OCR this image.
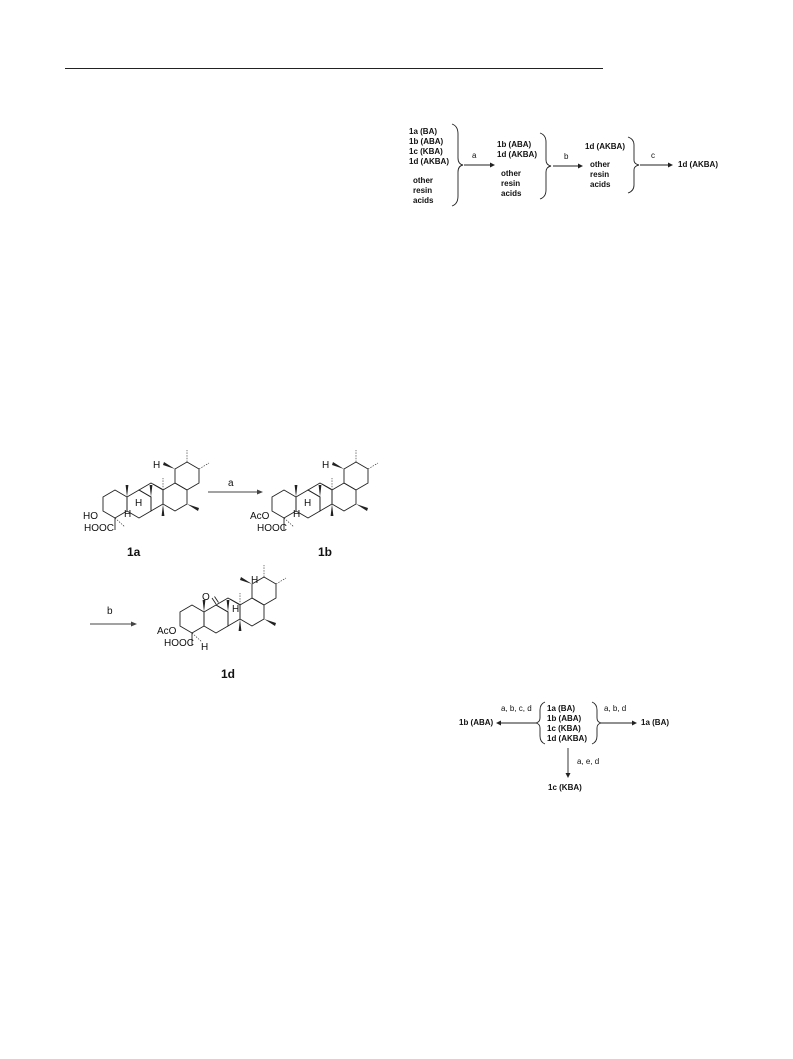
1a (BA)
1b (ABA)
1c (KBA)
1d (AKBA)
other
resin
acids
a
1b (ABA)
1d (AKBA)
other
resin
acids
b
1d (AKBA)
other
resin
acids
c
1d (AKBA)
HO
HOOC
H
H
H
AcO
HOOC
H
H
H
AcO
HOOC H
H
H
O
a
b
1a	1b
1d
1a (BA)
1b (ABA)
1c (KBA)
1d (AKBA)
a, b, c, d
1b (ABA)
a, b, d
1a (BA)
a, e, d
1c (KBA)
